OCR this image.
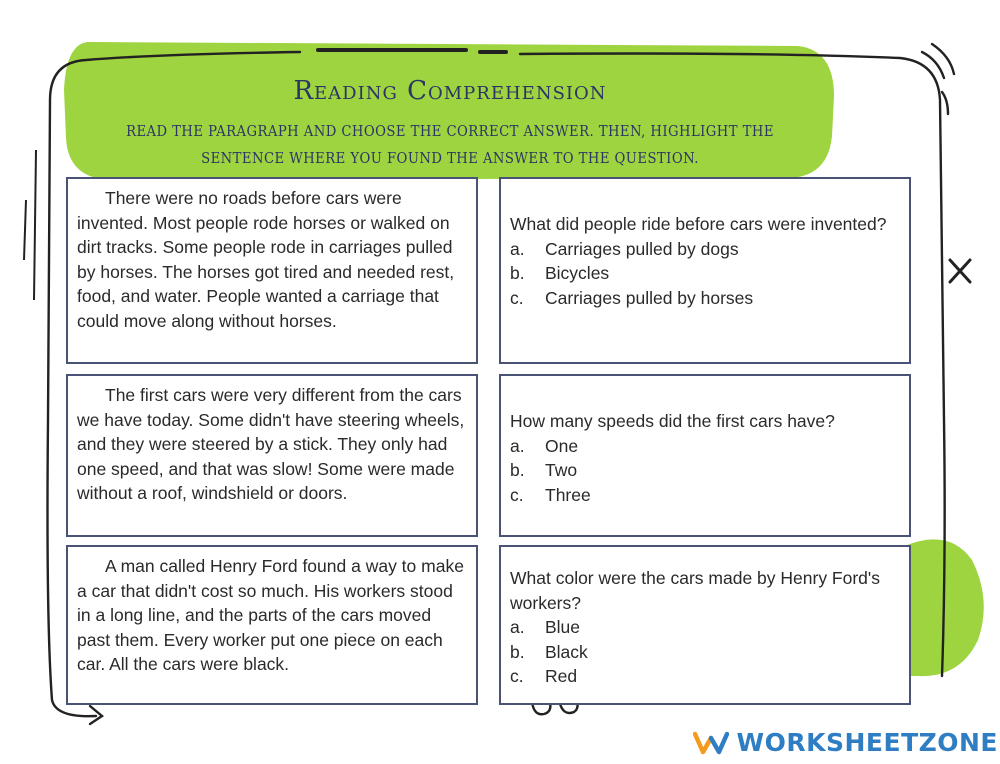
Reading Comprehension
READ THE PARAGRAPH AND CHOOSE THE CORRECT ANSWER. THEN, HIGHLIGHT THE SENTENCE WHERE YOU FOUND THE ANSWER TO THE QUESTION.
There were no roads before cars were invented. Most people rode horses or walked on dirt tracks. Some people rode in carriages pulled by horses. The horses got tired and needed rest, food, and water. People wanted a carriage that could move along without horses.
What did people ride before cars were invented?
a.	Carriages pulled by dogs
b.	Bicycles
c.	Carriages pulled by horses
The first cars were very different from the cars we have today. Some didn't have steering wheels, and they were steered by a stick. They only had one speed, and that was slow! Some were made without a roof, windshield or doors.
How many speeds did the first cars have?
a.	One
b.	Two
c.	Three
A man called Henry Ford found a way to make a car that didn't cost so much. His workers stood in a long line, and the parts of the cars moved past them. Every worker put one piece on each car. All the cars were black.
What color were the cars made by Henry Ford's workers?
a.	Blue
b.	Black
c.	Red
WORKSHEETZONE
